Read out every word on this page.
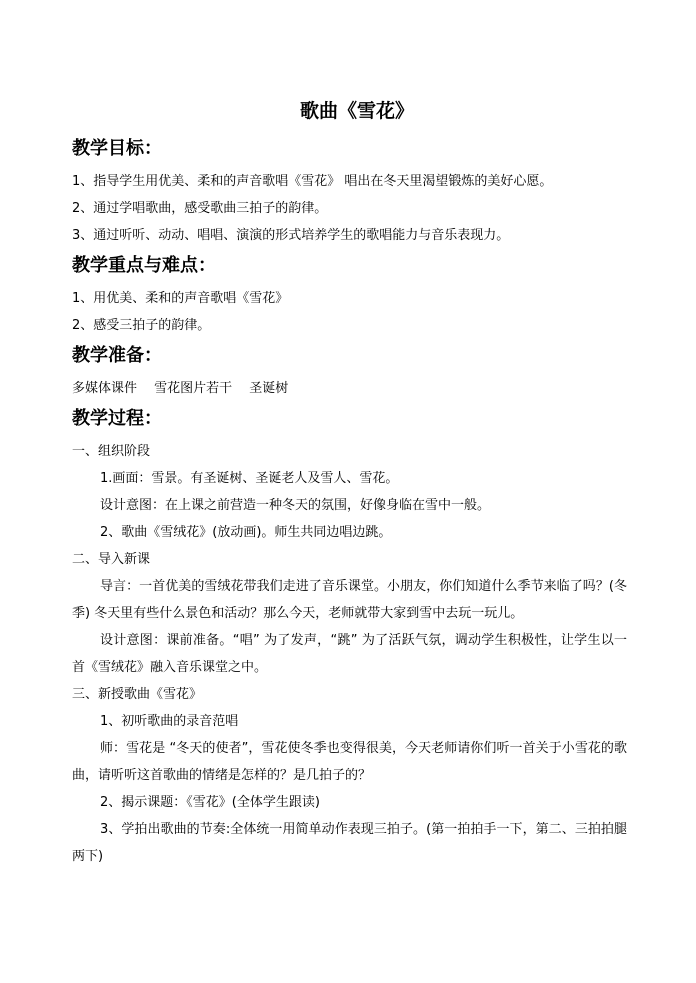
歌曲《雪花》
教学目标：

1、指导学生用优美、柔和的声音歌唱《雪花》 唱出在冬天里渴望锻炼的美好心愿。

2、通过学唱歌曲，感受歌曲三拍子的韵律。

3、通过听听、动动、唱唱、演演的形式培养学生的歌唱能力与音乐表现力。

教学重点与难点：

1、用优美、柔和的声音歌唱《雪花》

2、感受三拍子的韵律。

教学准备：

多媒体课件　 雪花图片若干　 圣诞树

教学过程：

一、组织阶段

1.画面：雪景。有圣诞树、圣诞老人及雪人、雪花。

设计意图：在上课之前营造一种冬天的氛围，好像身临在雪中一般。

2、歌曲《雪绒花》(放动画)。师生共同边唱边跳。

二、导入新课

导言：一首优美的雪绒花带我们走进了音乐课堂。小朋友，你们知道什么季节来临了吗？(冬季) 冬天里有些什么景色和活动？那么今天，老师就带大家到雪中去玩一玩儿。

设计意图：课前准备。“唱” 为了发声，“跳” 为了活跃气氛，调动学生积极性，让学生以一首《雪绒花》融入音乐课堂之中。

三、新授歌曲《雪花》

1、初听歌曲的录音范唱

师：雪花是 “冬天的使者”，雪花使冬季也变得很美，今天老师请你们听一首关于小雪花的歌曲，请听听这首歌曲的情绪是怎样的？是几拍子的？

2、揭示课题：《雪花》(全体学生跟读)

3、学拍出歌曲的节奏:全体统一用简单动作表现三拍子。(第一拍拍手一下，第二、三拍拍腿两下)
